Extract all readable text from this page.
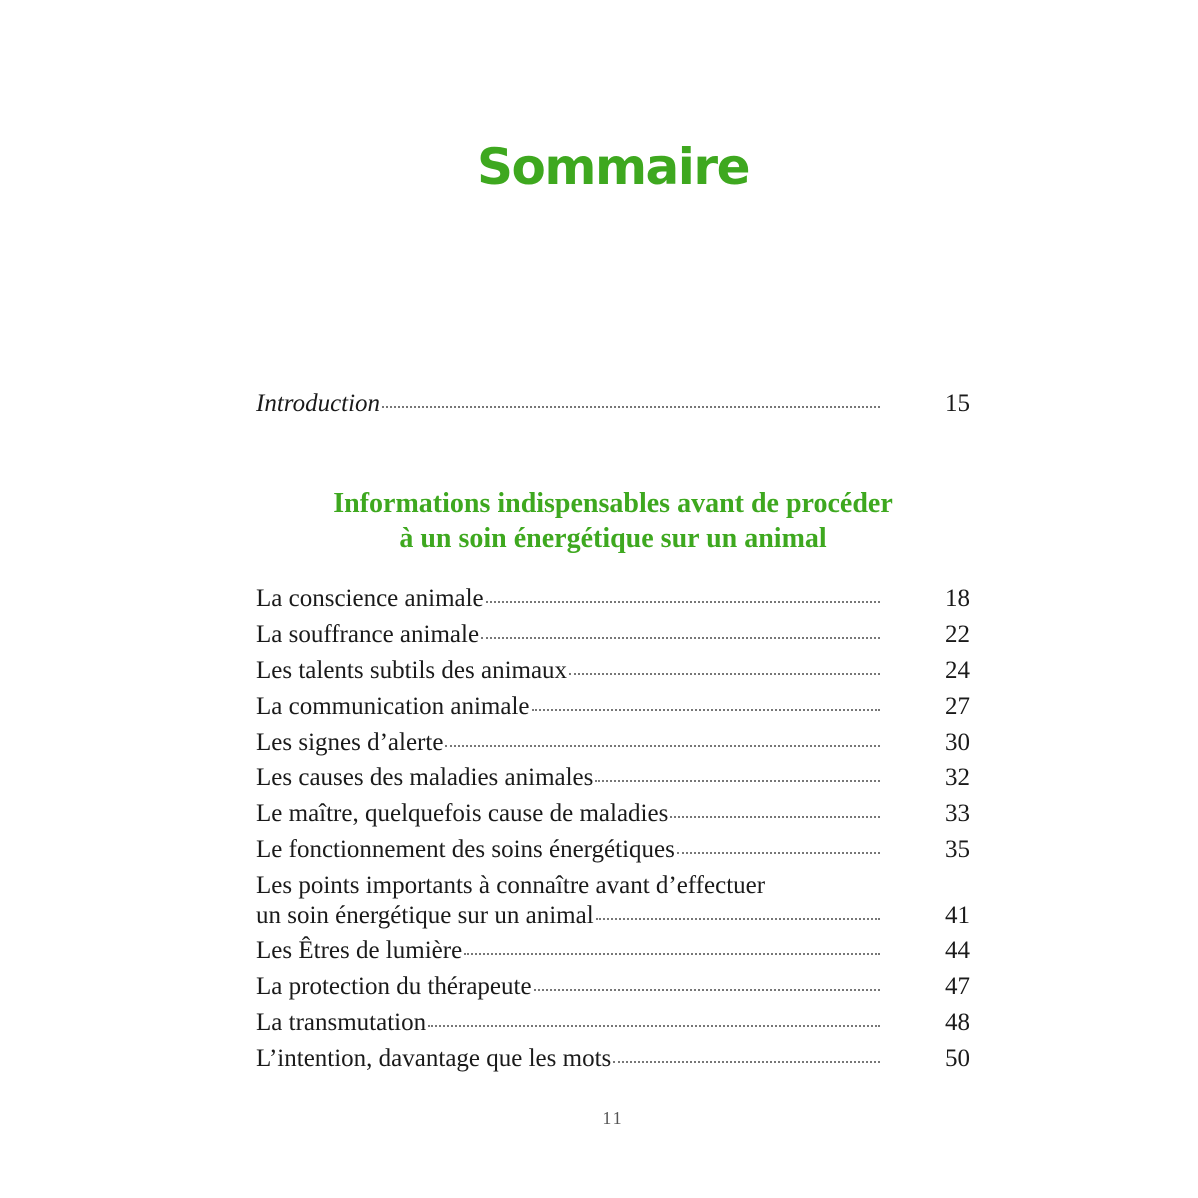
Sommaire
Introduction	15
Informations indispensables avant de procéder
à un soin énergétique sur un animal
La conscience animale	18
La souffrance animale	22
Les talents subtils des animaux	24
La communication animale	27
Les signes d’alerte	30
Les causes des maladies animales	32
Le maître, quelquefois cause de maladies	33
Le fonctionnement des soins énergétiques	35
Les points importants à connaître avant d’effectuer
un soin énergétique sur un animal	41
Les Êtres de lumière	44
La protection du thérapeute	47
La transmutation	48
L’intention, davantage que les mots	50
11
